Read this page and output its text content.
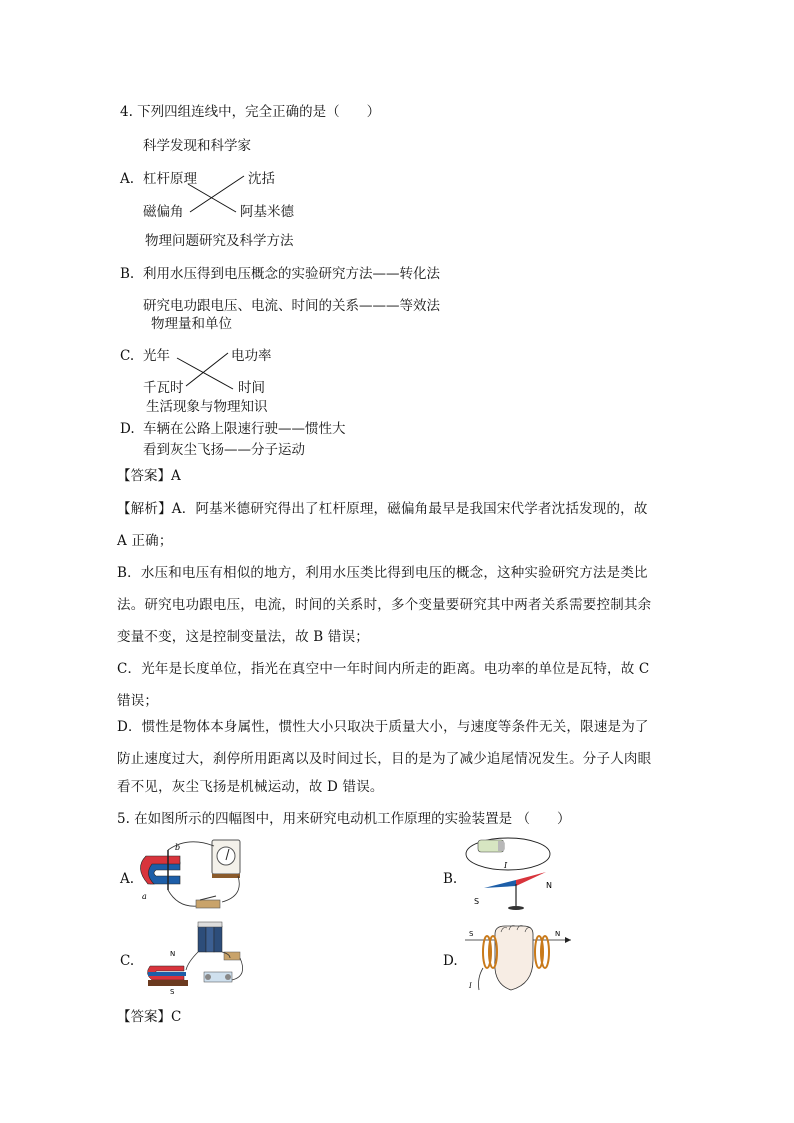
4. 下列四组连线中，完全正确的是（　　）
科学发现和科学家
A. 杠杆原理
磁偏角
沈括
阿基米德
物理问题研究及科学方法
B. 利用水压得到电压概念的实验研究方法——转化法
研究电功跟电压、电流、时间的关系———等效法
物理量和单位
C. 光年
千瓦时
电功率
时间
生活现象与物理知识
D. 车辆在公路上限速行驶——惯性大
看到灰尘飞扬——分子运动
【答案】A
【解析】A．阿基米德研究得出了杠杆原理，磁偏角最早是我国宋代学者沈括发现的，故
A 正确；
B．水压和电压有相似的地方，利用水压类比得到电压的概念，这种实验研究方法是类比
法。研究电功跟电压，电流，时间的关系时，多个变量要研究其中两者关系需要控制其余
变量不变，这是控制变量法，故 B 错误；
C．光年是长度单位，指光在真空中一年时间内所走的距离。电功率的单位是瓦特，故 C
错误；
D．惯性是物体本身属性，惯性大小只取决于质量大小，与速度等条件无关，限速是为了
防止速度过大，刹停所用距离以及时间过长，目的是为了减少追尾情况发生。分子人肉眼
看不见，灰尘飞扬是机械运动，故 D 错误。
5. 在如图所示的四幅图中，用来研究电动机工作原理的实验装置是 （　　）
A.	B.
C.	D.
b
a
I
S
N
N
S
S	N
I
【答案】C
